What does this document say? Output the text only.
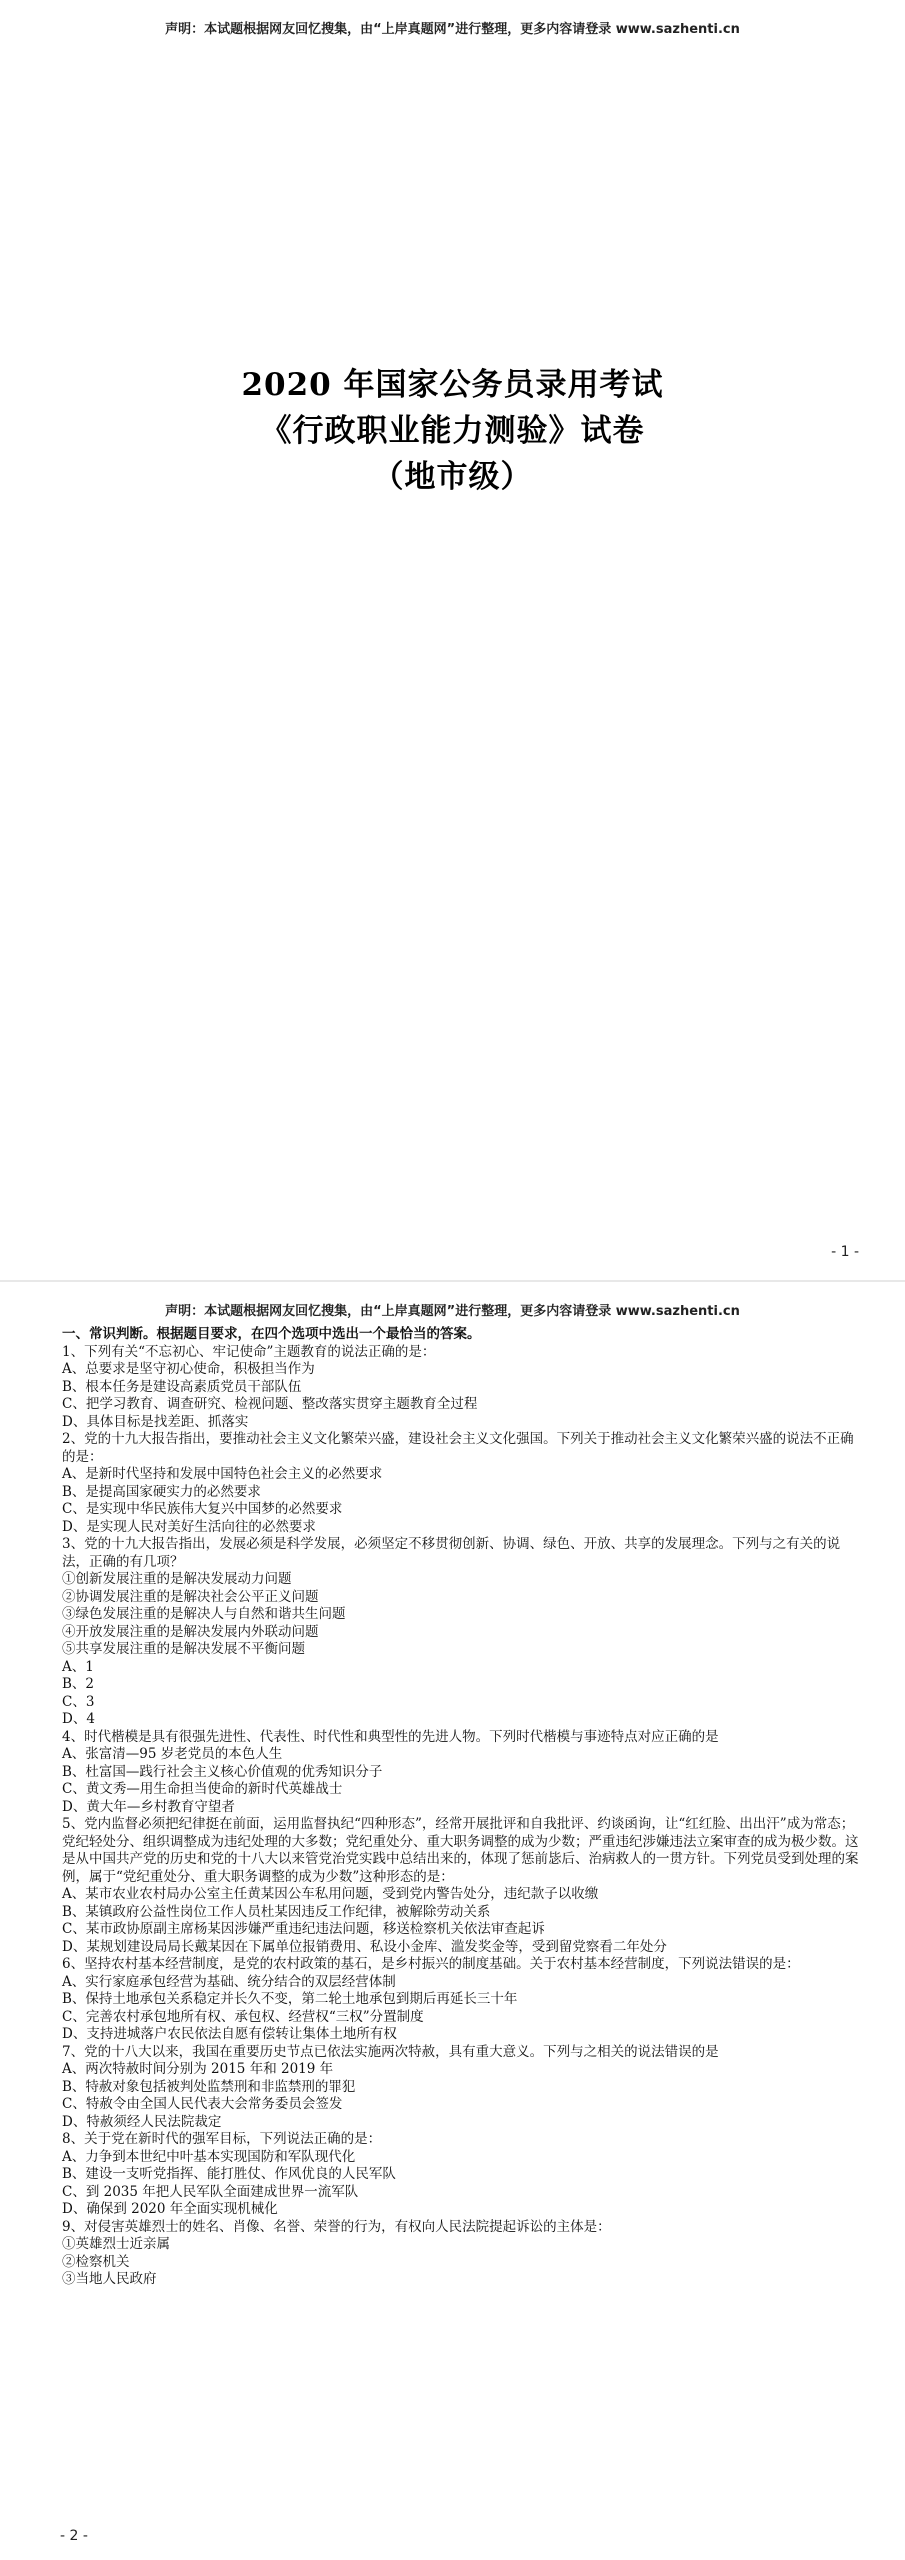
声明：本试题根据网友回忆搜集，由“上岸真题网”进行整理，更多内容请登录 www.sazhenti.cn
2020 年国家公务员录用考试
《行政职业能力测验》试卷
（地市级）
- 1 -
声明：本试题根据网友回忆搜集，由“上岸真题网”进行整理，更多内容请登录 www.sazhenti.cn
一、常识判断。根据题目要求，在四个选项中选出一个最恰当的答案。
1、下列有关“不忘初心、牢记使命”主题教育的说法正确的是：
A、总要求是坚守初心使命，积极担当作为
B、根本任务是建设高素质党员干部队伍
C、把学习教育、调查研究、检视问题、整改落实贯穿主题教育全过程
D、具体目标是找差距、抓落实
2、党的十九大报告指出，要推动社会主义文化繁荣兴盛，建设社会主义文化强国。下列关于推动社会主义文化繁荣兴盛的说法不正确的是：
A、是新时代坚持和发展中国特色社会主义的必然要求
B、是提高国家硬实力的必然要求
C、是实现中华民族伟大复兴中国梦的必然要求
D、是实现人民对美好生活向往的必然要求
3、党的十九大报告指出，发展必须是科学发展，必须坚定不移贯彻创新、协调、绿色、开放、共享的发展理念。下列与之有关的说法，正确的有几项？
①创新发展注重的是解决发展动力问题
②协调发展注重的是解决社会公平正义问题
③绿色发展注重的是解决人与自然和谐共生问题
④开放发展注重的是解决发展内外联动问题
⑤共享发展注重的是解决发展不平衡问题
A、1
B、2
C、3
D、4
4、时代楷模是具有很强先进性、代表性、时代性和典型性的先进人物。下列时代楷模与事迹特点对应正确的是
A、张富清—95 岁老党员的本色人生
B、杜富国—践行社会主义核心价值观的优秀知识分子
C、黄文秀—用生命担当使命的新时代英雄战士
D、黄大年—乡村教育守望者
5、党内监督必须把纪律挺在前面，运用监督执纪“四种形态”，经常开展批评和自我批评、约谈函询，让“红红脸、出出汗”成为常态；党纪轻处分、组织调整成为违纪处理的大多数；党纪重处分、重大职务调整的成为少数；严重违纪涉嫌违法立案审查的成为极少数。这是从中国共产党的历史和党的十八大以来管党治党实践中总结出来的，体现了惩前毖后、治病救人的一贯方针。下列党员受到处理的案例，属于“党纪重处分、重大职务调整的成为少数”这种形态的是：
A、某市农业农村局办公室主任黄某因公车私用问题，受到党内警告处分，违纪款子以收缴
B、某镇政府公益性岗位工作人员杜某因违反工作纪律，被解除劳动关系
C、某市政协原副主席杨某因涉嫌严重违纪违法问题，移送检察机关依法审查起诉
D、某规划建设局局长戴某因在下属单位报销费用、私设小金库、滥发奖金等，受到留党察看二年处分
6、坚持农村基本经营制度，是党的农村政策的基石，是乡村振兴的制度基础。关于农村基本经营制度，下列说法错误的是：
A、实行家庭承包经营为基础、统分结合的双层经营体制
B、保持土地承包关系稳定并长久不变，第二轮土地承包到期后再延长三十年
C、完善农村承包地所有权、承包权、经营权“三权”分置制度
D、支持进城落户农民依法自愿有偿转让集体土地所有权
7、党的十八大以来，我国在重要历史节点已依法实施两次特赦，具有重大意义。下列与之相关的说法错误的是
A、两次特赦时间分别为 2015 年和 2019 年
B、特赦对象包括被判处监禁刑和非监禁刑的罪犯
C、特赦令由全国人民代表大会常务委员会签发
D、特赦须经人民法院裁定
8、关于党在新时代的强军目标，下列说法正确的是：
A、力争到本世纪中叶基本实现国防和军队现代化
B、建设一支听党指挥、能打胜仗、作风优良的人民军队
C、到 2035 年把人民军队全面建成世界一流军队
D、确保到 2020 年全面实现机械化
9、对侵害英雄烈士的姓名、肖像、名誉、荣誉的行为，有权向人民法院提起诉讼的主体是：
①英雄烈士近亲属
②检察机关
③当地人民政府
- 2 -
